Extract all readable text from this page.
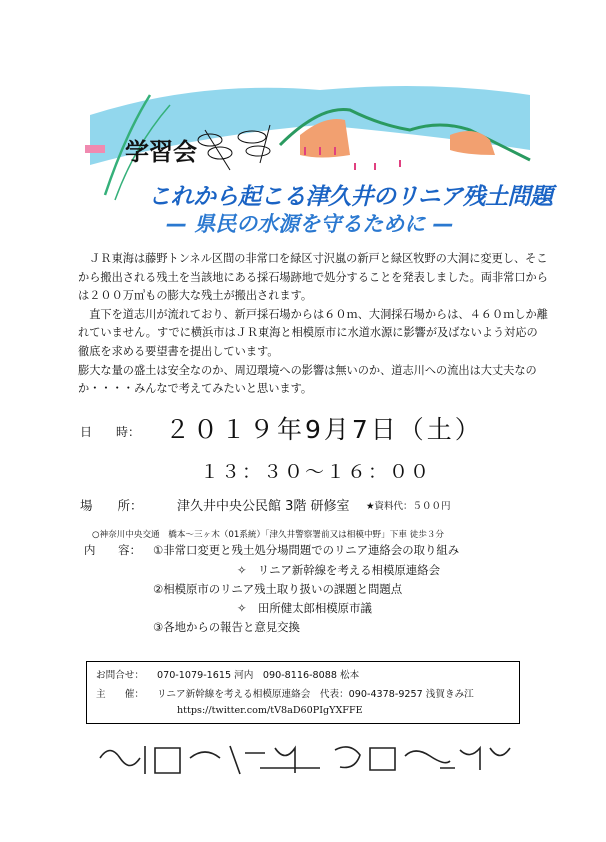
学習会
これから起こる津久井のリニア残土問題
— 県民の水源を守るために —

　ＪＲ東海は藤野トンネル区間の非常口を緑区寸沢嵐の新戸と緑区牧野の大洞に変更し、そこから搬出される残土を当該地にある採石場跡地で処分することを発表しました。両非常口からは２００万㎥もの膨大な残土が搬出されます。

　直下を道志川が流れており、新戸採石場からは６０ｍ、大洞採石場からは、４６０ｍしか離れていません。すでに横浜市はＪＲ東海と相模原市に水道水源に影響が及ばないよう対応の徹底を求める要望書を提出しています。

膨大な量の盛土は安全なのか、周辺環境への影響は無いのか、道志川への流出は大丈夫なのか・・・・みんなで考えてみたいと思います。

日　　時： ２０１９年9月7日（土）
１３：３０～１６：００
場　　所：	津久井中央公民館 3階 研修室 ★資料代：５００円
○神奈川中央交通　橋本～三ヶ木（01系統）「津久井警察署前又は相模中野」下車 徒歩３分
内　　容： ①非常口変更と残土処分場問題でのリニア連絡会の取り組み
✧　リニア新幹線を考える相模原連絡会
②相模原市のリニア残土取り扱いの課題と問題点
✧　田所健太郎相模原市議
③各地からの報告と意見交換
お問合せ： 070-1079-1615 河内　090-8116-8088 松本
主　　催： リニア新幹線を考える相模原連絡会　代表：090-4378-9257 浅賀きみ江
https://twitter.com/tV8aD60PIgYXFFE
